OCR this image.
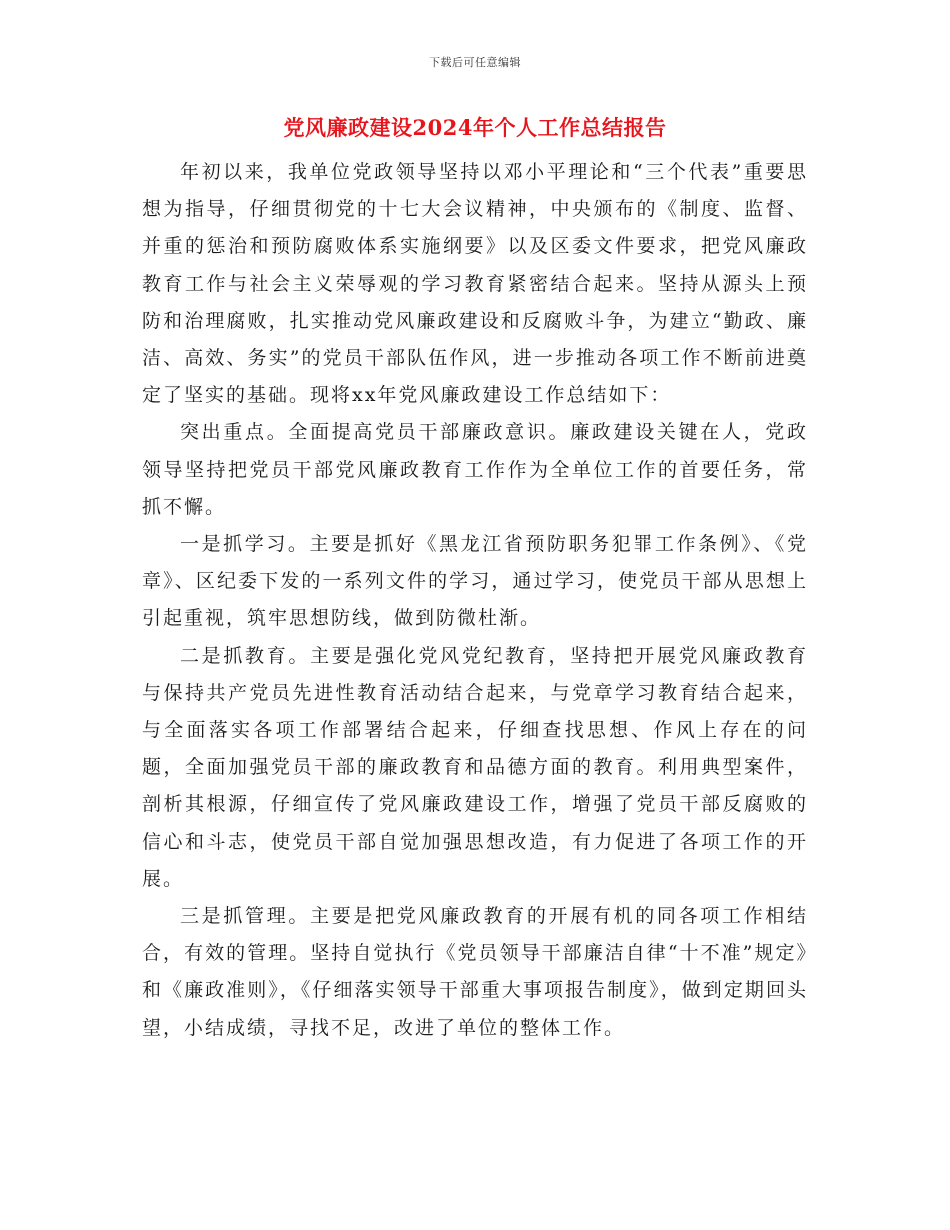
下载后可任意编辑
党风廉政建设2024年个人工作总结报告

年初以来，我单位党政领导坚持以邓小平理论和“三个代表”重要思想为指导，仔细贯彻党的十七大会议精神，中央颁布的《制度、监督、并重的惩治和预防腐败体系实施纲要》以及区委文件要求，把党风廉政教育工作与社会主义荣辱观的学习教育紧密结合起来。坚持从源头上预防和治理腐败，扎实推动党风廉政建设和反腐败斗争，为建立“勤政、廉洁、高效、务实”的党员干部队伍作风，进一步推动各项工作不断前进奠定了坚实的基础。现将xx年党风廉政建设工作总结如下：

突出重点。全面提高党员干部廉政意识。廉政建设关键在人，党政领导坚持把党员干部党风廉政教育工作作为全单位工作的首要任务，常抓不懈。

一是抓学习。主要是抓好《黑龙江省预防职务犯罪工作条例》、《党章》、区纪委下发的一系列文件的学习，通过学习，使党员干部从思想上引起重视，筑牢思想防线，做到防微杜渐。

二是抓教育。主要是强化党风党纪教育，坚持把开展党风廉政教育与保持共产党员先进性教育活动结合起来，与党章学习教育结合起来，与全面落实各项工作部署结合起来，仔细查找思想、作风上存在的问题，全面加强党员干部的廉政教育和品德方面的教育。利用典型案件，剖析其根源，仔细宣传了党风廉政建设工作，增强了党员干部反腐败的信心和斗志，使党员干部自觉加强思想改造，有力促进了各项工作的开展。

三是抓管理。主要是把党风廉政教育的开展有机的同各项工作相结合，有效的管理。坚持自觉执行《党员领导干部廉洁自律“十不准”规定》和《廉政准则》，《仔细落实领导干部重大事项报告制度》，做到定期回头望，小结成绩，寻找不足，改进了单位的整体工作。
